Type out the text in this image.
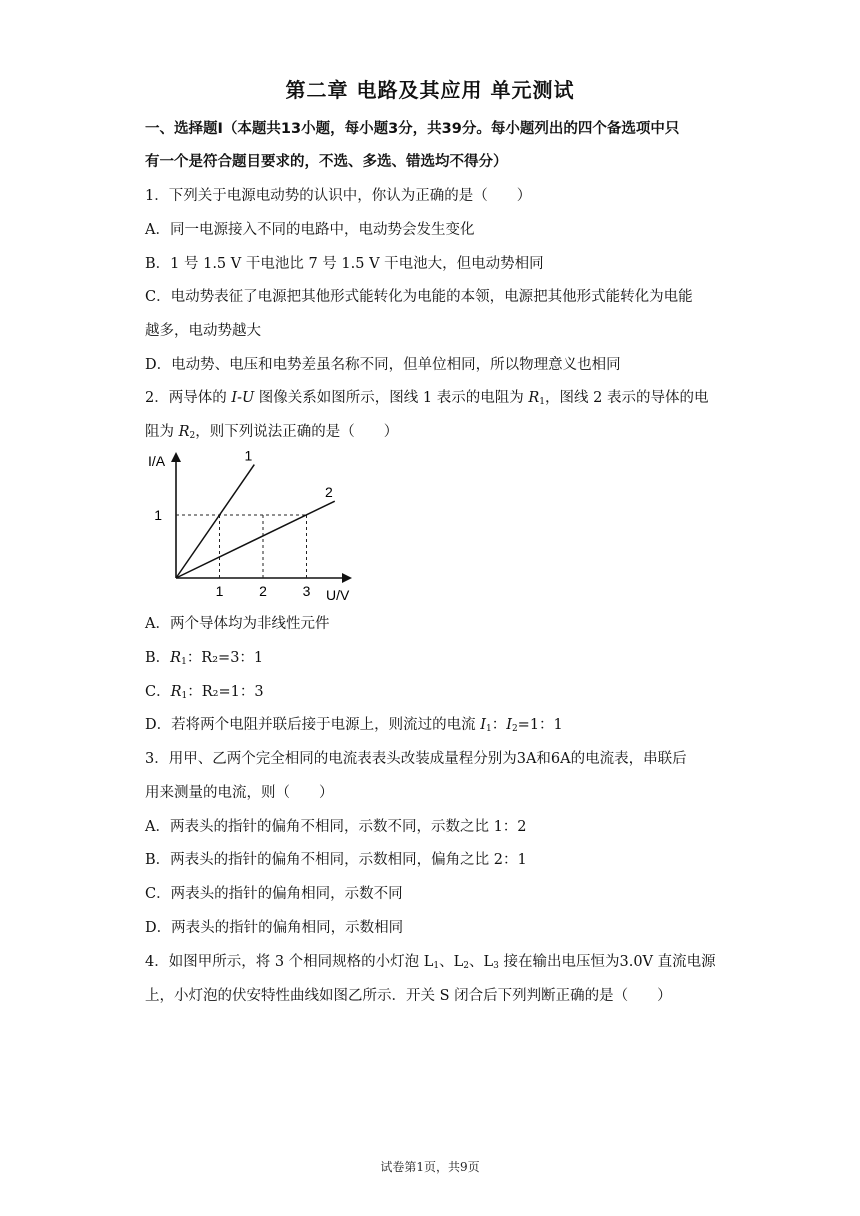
第二章 电路及其应用 单元测试
一、选择题Ⅰ（本题共13小题，每小题3分，共39分。每小题列出的四个备选项中只
有一个是符合题目要求的，不选、多选、错选均不得分）
1．下列关于电源电动势的认识中，你认为正确的是（　　）
A．同一电源接入不同的电路中，电动势会发生变化
B．1 号 1.5 V 干电池比 7 号 1.5 V 干电池大，但电动势相同
C．电动势表征了电源把其他形式能转化为电能的本领，电源把其他形式能转化为电能
越多，电动势越大
D．电动势、电压和电势差虽名称不同，但单位相同，所以物理意义也相同
2．两导体的 I-U 图像关系如图所示，图线 1 表示的电阻为 $R_1$，图线 2 表示的导体的电
阻为 $R_2$，则下列说法正确的是（　　）
1	2	3
1
I/A
U/V
1
2
A．两个导体均为非线性元件
B．$R_1$：R₂=3：1
C．$R_1$：R₂=1：3
D．若将两个电阻并联后接于电源上，则流过的电流 $I_1$：$I_2=1$：1
3．用甲、乙两个完全相同的电流表表头改装成量程分别为3A和6A的电流表，串联后
用来测量的电流，则（　　）
A．两表头的指针的偏角不相同，示数不同，示数之比 1：2
B．两表头的指针的偏角不相同，示数相同，偏角之比 2：1
C．两表头的指针的偏角相同，示数不同
D．两表头的指针的偏角相同，示数相同
4．如图甲所示，将 3 个相同规格的小灯泡 $L_1$、$L_2$、$L_3$ 接在输出电压恒为3.0V 直流电源
上，小灯泡的伏安特性曲线如图乙所示．开关 S 闭合后下列判断正确的是（　　）
试卷第1页，共9页
